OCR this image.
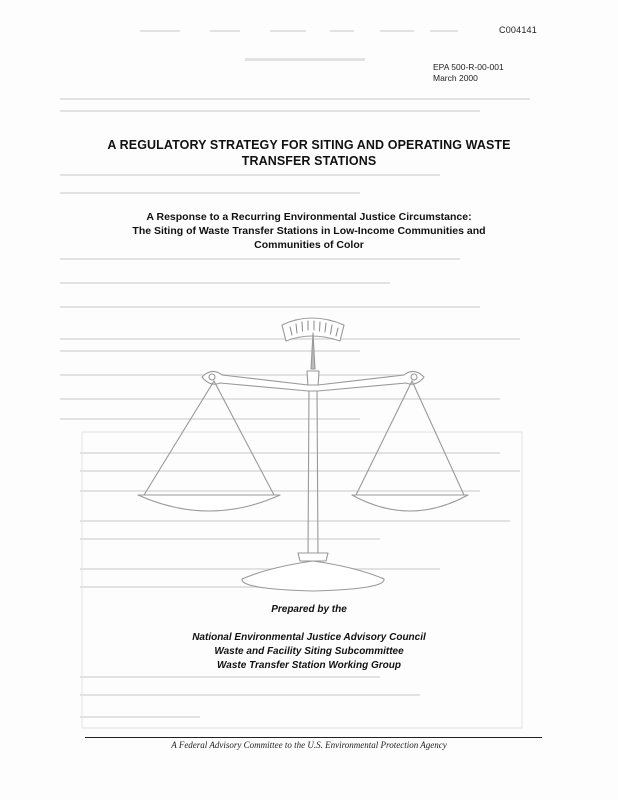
C004141
EPA 500-R-00-001
March 2000
A REGULATORY STRATEGY FOR SITING AND OPERATING WASTE
TRANSFER STATIONS
A Response to a Recurring Environmental Justice Circumstance:
The Siting of Waste Transfer Stations in Low-Income Communities and
Communities of Color
Prepared by the
National Environmental Justice Advisory Council
Waste and Facility Siting Subcommittee
Waste Transfer Station Working Group
A Federal Advisory Committee to the U.S. Environmental Protection Agency
